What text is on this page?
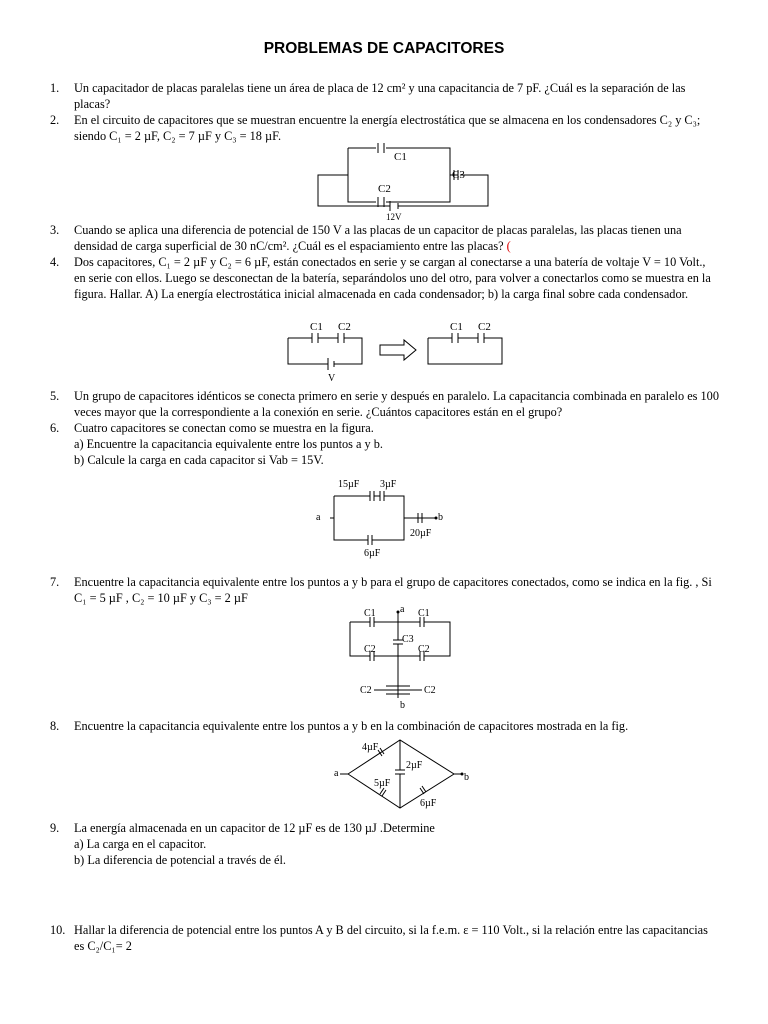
PROBLEMAS DE CAPACITORES
1. Un capacitador de placas paralelas tiene un área de placa de 12 cm² y una capacitancia de 7 pF. ¿Cuál es la separación de las placas?
2. En el circuito de capacitores que se muestran encuentre la energía electrostática que se almacena en los condensadores C₂ y C₃; siendo C₁ = 2 µF, C₂ = 7 µF y C₃ = 18 µF.
C1
C2
C3
12V
3. Cuando se aplica una diferencia de potencial de 150 V a las placas de un capacitor de placas paralelas, las placas tienen una densidad de carga superficial de 30 nC/cm². ¿Cuál es el espaciamiento entre las placas? (
4. Dos capacitores, C₁ = 2 µF y C₂ = 6 µF, están conectados en serie y se cargan al conectarse a una batería de voltaje V = 10 Volt., en serie con ellos. Luego se desconectan de la batería, separándolos uno del otro, para volver a conectarlos como se muestra en la figura. Hallar. A) La energía electrostática inicial almacenada en cada condensador; b) la carga final sobre cada condensador.
C1 C2
V
C1 C2
5. Un grupo de capacitores idénticos se conecta primero en serie y después en paralelo. La capacitancia combinada en paralelo es 100 veces mayor que la correspondiente a la conexión en serie. ¿Cuántos capacitores están en el grupo?
6. Cuatro capacitores se conectan como se muestra en la figura.
a) Encuentre la capacitancia equivalente entre los puntos a y b.
b) Calcule la carga en cada capacitor si Vab = 15V.
15µF 3µF
20µF
6µF
a	b
7. Encuentre la capacitancia equivalente entre los puntos a y b para el grupo de capacitores conectados, como se indica en la fig. , Si C₁ = 5 µF , C₂ = 10 µF y C₃ = 2 µF
C1	C1
a
C3
C2	C2
C2	C2
b
8. Encuentre la capacitancia equivalente entre los puntos a y b en la combinación de capacitores mostrada en la fig.
4µF
2µF
5µF
6µF
a	b
9. La energía almacenada en un capacitor de 12 µF es de 130 µJ .Determine
a) La carga en el capacitor.
b) La diferencia de potencial a través de él.
10. Hallar la diferencia de potencial entre los puntos A y B del circuito, si la f.e.m. ε = 110 Volt., si la relación entre las capacitancias es C₂/C₁= 2
